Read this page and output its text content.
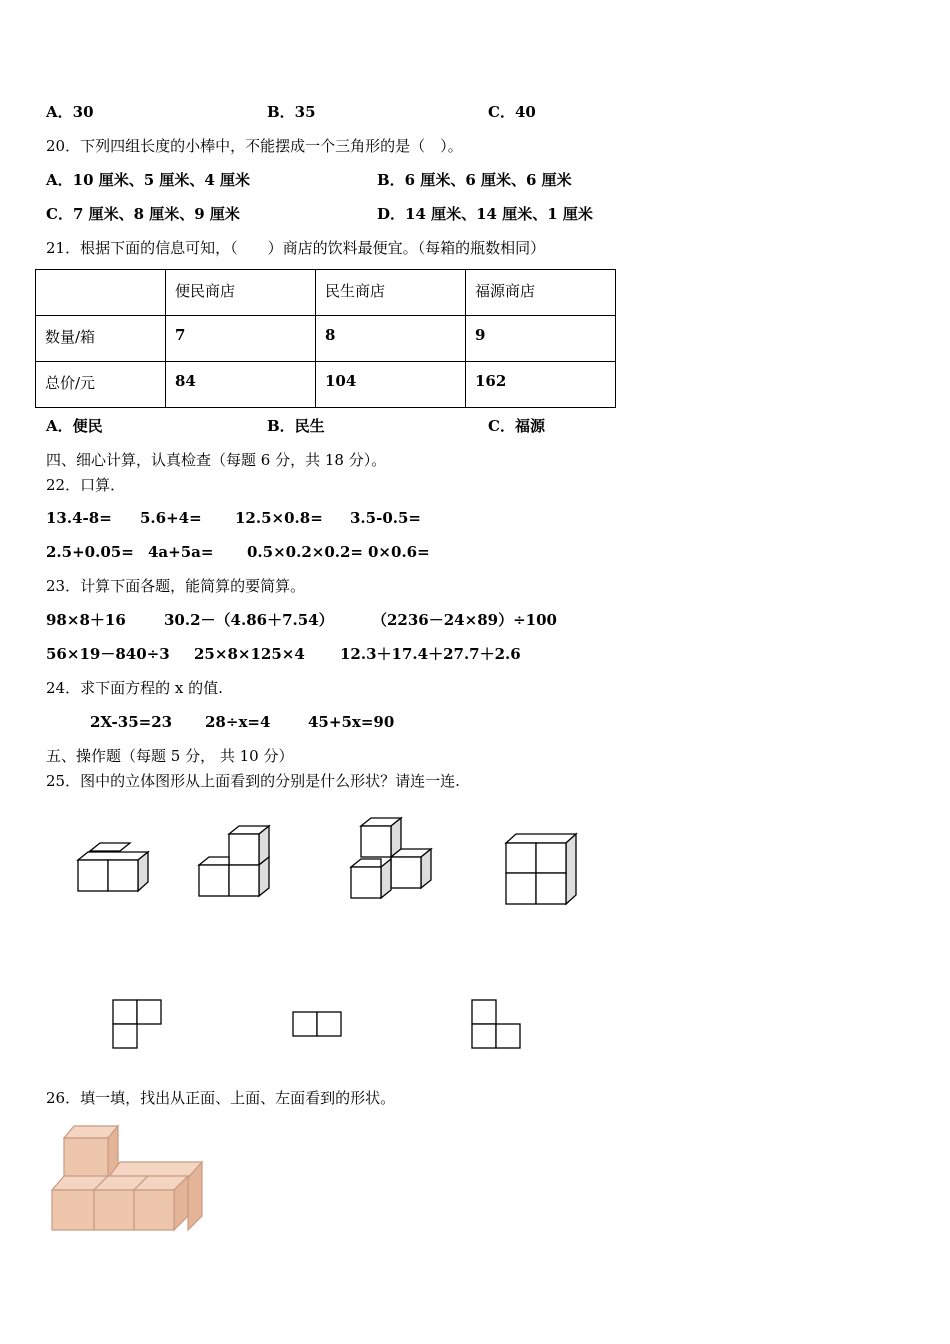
A．30	B．35	C．40
20．下列四组长度的小棒中，不能摆成一个三角形的是（　）。
A．10 厘米、5 厘米、4 厘米	B．6 厘米、6 厘米、6 厘米
C．7 厘米、8 厘米、9 厘米	D．14 厘米、14 厘米、1 厘米
21．根据下面的信息可知，（　　）商店的饮料最便宜。（每箱的瓶数相同）
	便民商店	民生商店	福源商店
数量/箱	7	8	9
总价/元	84	104	162
A．便民	B．民生	C．福源
四、细心计算，认真检查（每题 6 分，共 18 分）。
22．口算．
13.4-8= 5.6+4= 12.5×0.8= 3.5-0.5=
2.5+0.05= 4a+5a= 0.5×0.2×0.2= 0×0.6=
23．计算下面各题，能简算的要简算。
98×8＋16	30.2－（4.86＋7.54）	（2236－24×89）÷100
56×19－840÷3 25×8×125×4 12.3＋17.4＋27.7＋2.6
24．求下面方程的 x 的值.
2X-35=23 28÷x=4	45+5x=90
五、操作题（每题 5 分， 共 10 分）
25．图中的立体图形从上面看到的分别是什么形状？请连一连.
26．填一填，找出从正面、上面、左面看到的形状。
